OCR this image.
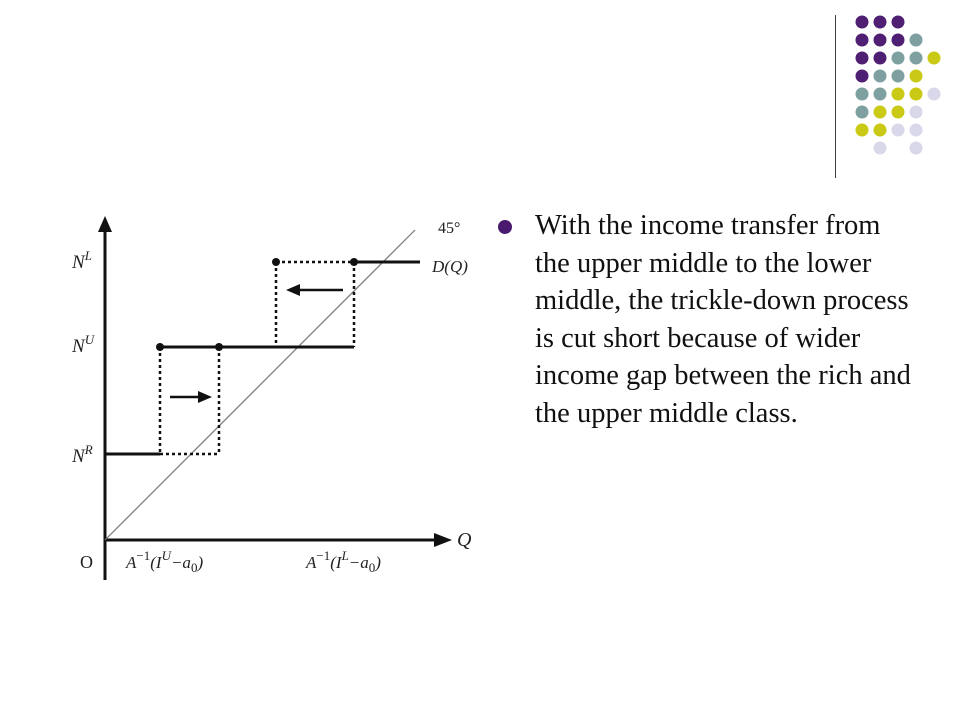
$N^L$
$N^U$
$N^R$
45°
D(Q)
Q
O $A^{-1}(I^U-a_0)$	$A^{-1}(I^L-a_0)$
With the income transfer from the upper middle to the lower middle, the trickle-down process is cut short because of wider income gap between the rich and the upper middle class.
